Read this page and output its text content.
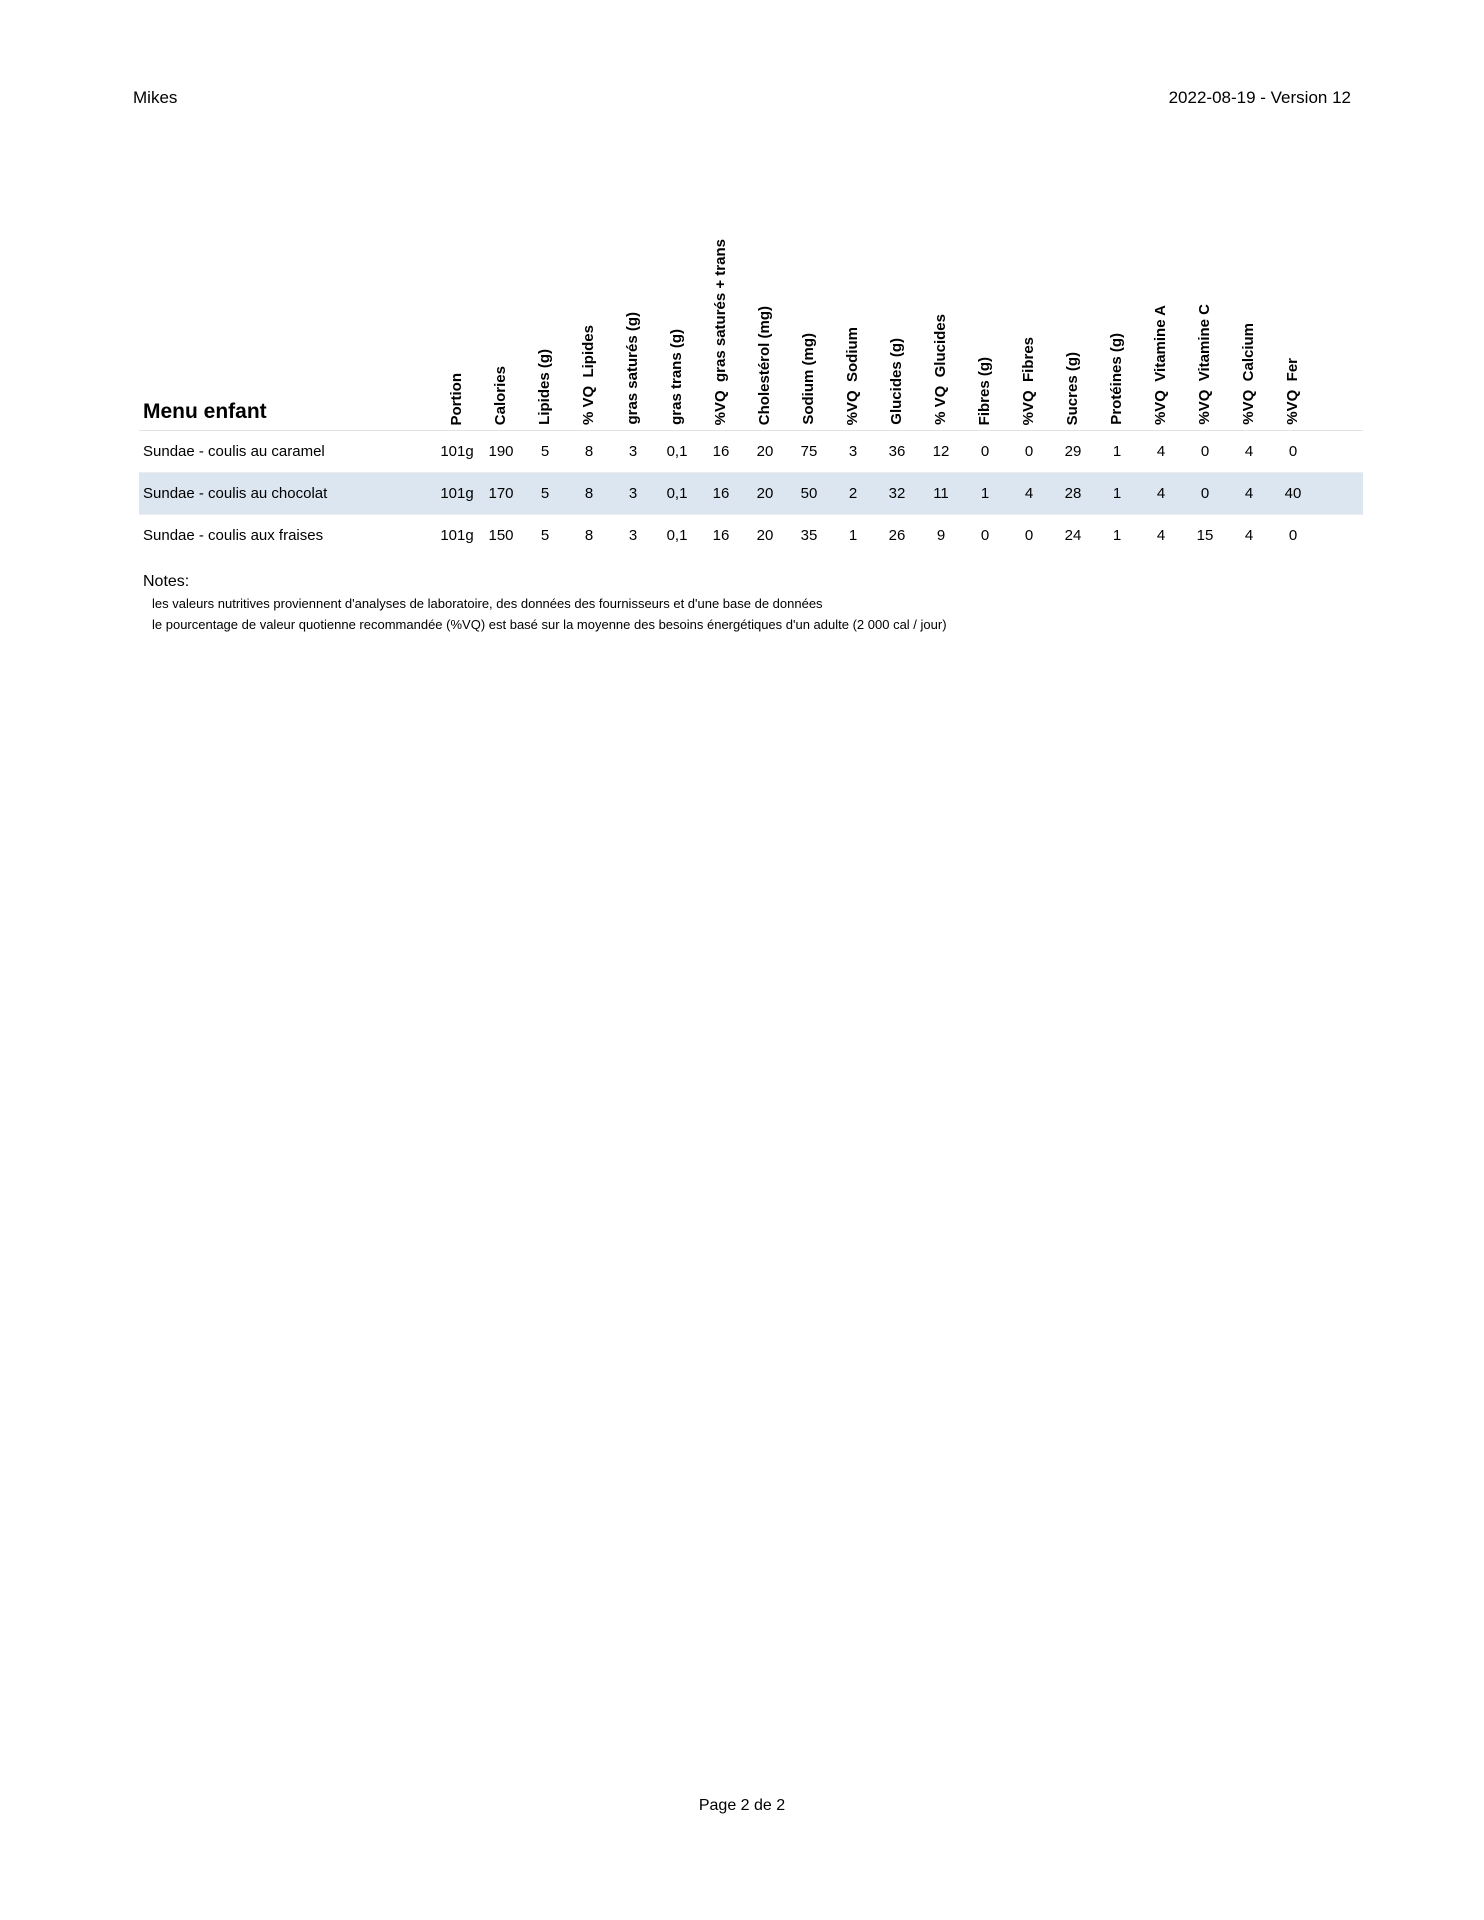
Mikes	2022-08-19 - Version 12
Menu enfant	Portion	Calories	Lipides (g)	% VQ  Lipides	gras saturés (g)	gras trans (g)	%VQ  gras saturés + trans	Cholestérol (mg)	Sodium (mg)	%VQ  Sodium	Glucides (g)	% VQ  Glucides	Fibres (g)	%VQ  Fibres	Sucres (g)	Protéines (g)	%VQ  Vitamine A	%VQ  Vitamine C	%VQ  Calcium	%VQ  Fer	
Sundae - coulis au caramel	101g	190	5	8	3	0,1	16	20	75	3	36	12	0	0	29	1	4	0	4	0	
Sundae - coulis au chocolat	101g	170	5	8	3	0,1	16	20	50	2	32	11	1	4	28	1	4	0	4	40	
Sundae - coulis aux fraises	101g	150	5	8	3	0,1	16	20	35	1	26	9	0	0	24	1	4	15	4	0	
Notes:
les valeurs nutritives proviennent d'analyses de laboratoire, des données des fournisseurs et d'une base de données
le pourcentage de valeur quotienne recommandée (%VQ) est basé sur la moyenne des besoins énergétiques d'un adulte (2 000 cal / jour)
Page 2 de 2
